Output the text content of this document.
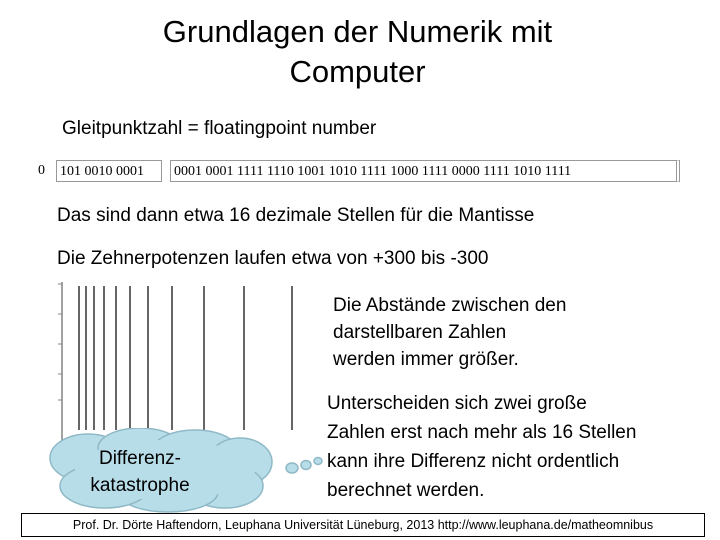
Grundlagen der Numerik mit
Computer
Gleitpunktzahl = floatingpoint number
0 101 0010 0001	0001 0001 1111 1110 1001 1010 1111 1000 1111 0000 1111 1010 1111
Das sind dann etwa 16 dezimale Stellen für die Mantisse
Die Zehnerpotenzen laufen etwa von +300 bis -300
Die Abstände zwischen den
darstellbaren Zahlen
werden immer größer.
Unterscheiden sich zwei große
Zahlen erst nach mehr als 16 Stellen
kann ihre Differenz nicht ordentlich
berechnet werden.
Differenz-
katastrophe
Prof. Dr. Dörte Haftendorn, Leuphana Universität Lüneburg, 2013 http://www.leuphana.de/matheomnibus
